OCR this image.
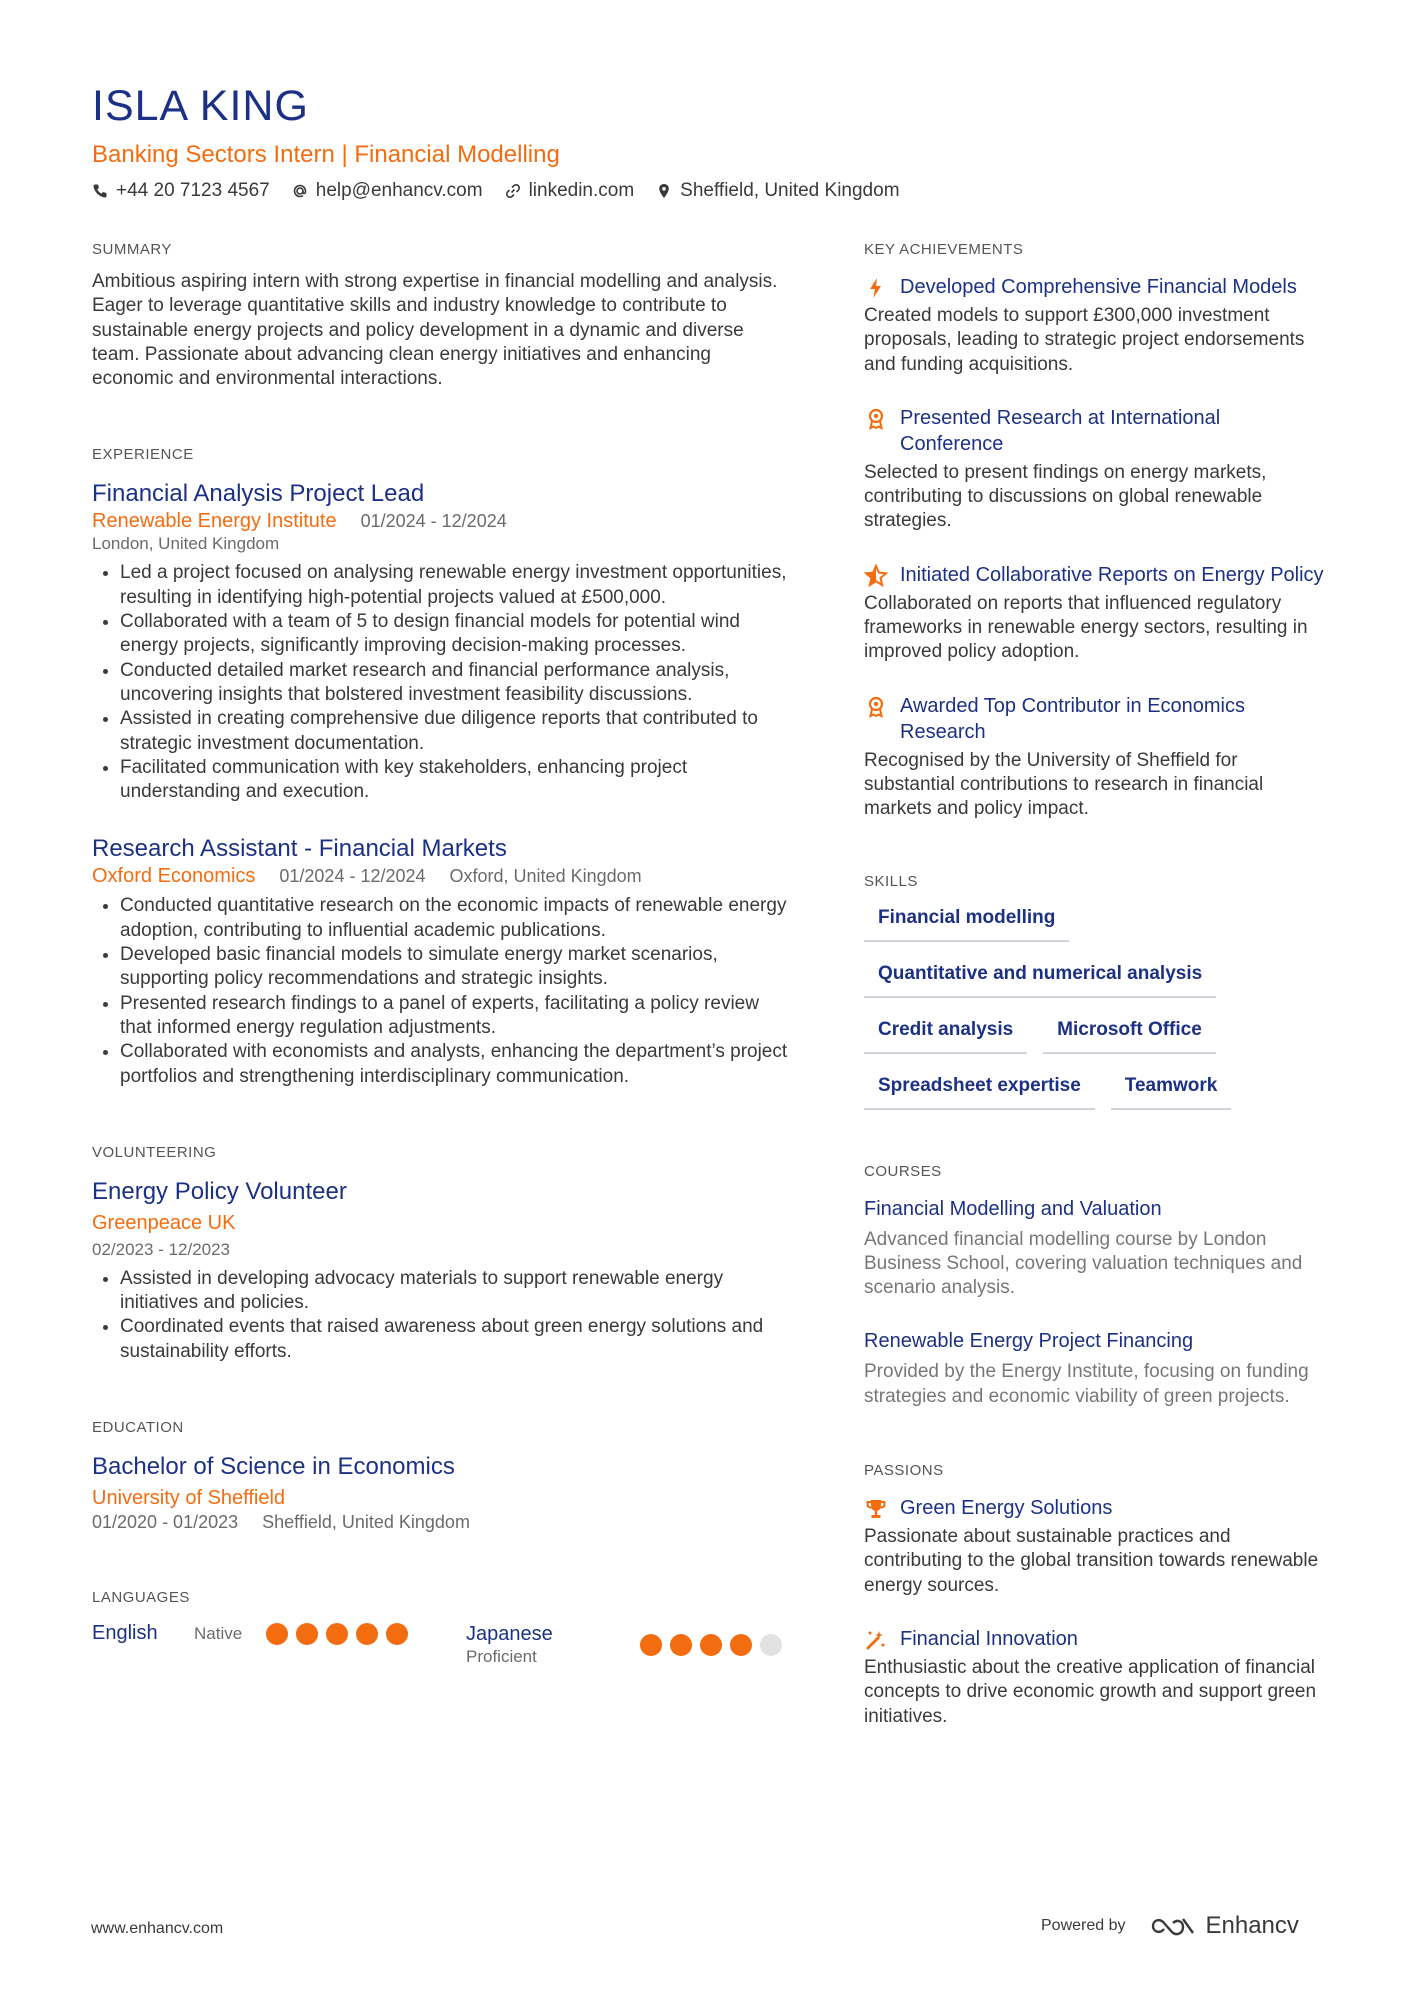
ISLA KING
Banking Sectors Intern | Financial Modelling
+44 20 7123 4567 help@enhancv.com linkedin.com Sheffield, United Kingdom
SUMMARY
Ambitious aspiring intern with strong expertise in financial modelling and analysis. Eager to leverage quantitative skills and industry knowledge to contribute to sustainable energy projects and policy development in a dynamic and diverse team. Passionate about advancing clean energy initiatives and enhancing economic and environmental interactions.
EXPERIENCE
Financial Analysis Project Lead
Renewable Energy Institute 01/2024 - 12/2024
London, United Kingdom
• Led a project focused on analysing renewable energy investment opportunities, resulting in identifying high-potential projects valued at £500,000.
• Collaborated with a team of 5 to design financial models for potential wind energy projects, significantly improving decision-making processes.
• Conducted detailed market research and financial performance analysis, uncovering insights that bolstered investment feasibility discussions.
• Assisted in creating comprehensive due diligence reports that contributed to strategic investment documentation.
• Facilitated communication with key stakeholders, enhancing project understanding and execution.
Research Assistant - Financial Markets
Oxford Economics 01/2024 - 12/2024 Oxford, United Kingdom
• Conducted quantitative research on the economic impacts of renewable energy adoption, contributing to influential academic publications.
• Developed basic financial models to simulate energy market scenarios, supporting policy recommendations and strategic insights.
• Presented research findings to a panel of experts, facilitating a policy review that informed energy regulation adjustments.
• Collaborated with economists and analysts, enhancing the department’s project portfolios and strengthening interdisciplinary communication.
VOLUNTEERING
Energy Policy Volunteer
Greenpeace UK
02/2023 - 12/2023
• Assisted in developing advocacy materials to support renewable energy initiatives and policies.
• Coordinated events that raised awareness about green energy solutions and sustainability efforts.
EDUCATION
Bachelor of Science in Economics
University of Sheffield
01/2020 - 01/2023 Sheffield, United Kingdom
LANGUAGES
English	Native	Japanese
Proficient
KEY ACHIEVEMENTS
Developed Comprehensive Financial Models
Created models to support £300,000 investment proposals, leading to strategic project endorsements and funding acquisitions.
Presented Research at International Conference
Selected to present findings on energy markets, contributing to discussions on global renewable strategies.
Initiated Collaborative Reports on Energy Policy
Collaborated on reports that influenced regulatory frameworks in renewable energy sectors, resulting in improved policy adoption.
Awarded Top Contributor in Economics Research
Recognised by the University of Sheffield for substantial contributions to research in financial markets and policy impact.
SKILLS
Financial modelling
Quantitative and numerical analysis
Credit analysis	Microsoft Office
Spreadsheet expertise	Teamwork
COURSES
Financial Modelling and Valuation
Advanced financial modelling course by London Business School, covering valuation techniques and scenario analysis.
Renewable Energy Project Financing
Provided by the Energy Institute, focusing on funding strategies and economic viability of green projects.
PASSIONS
Green Energy Solutions
Passionate about sustainable practices and contributing to the global transition towards renewable energy sources.
Financial Innovation
Enthusiastic about the creative application of financial concepts to drive economic growth and support green initiatives.
www.enhancv.com	Powered by	Enhancv
